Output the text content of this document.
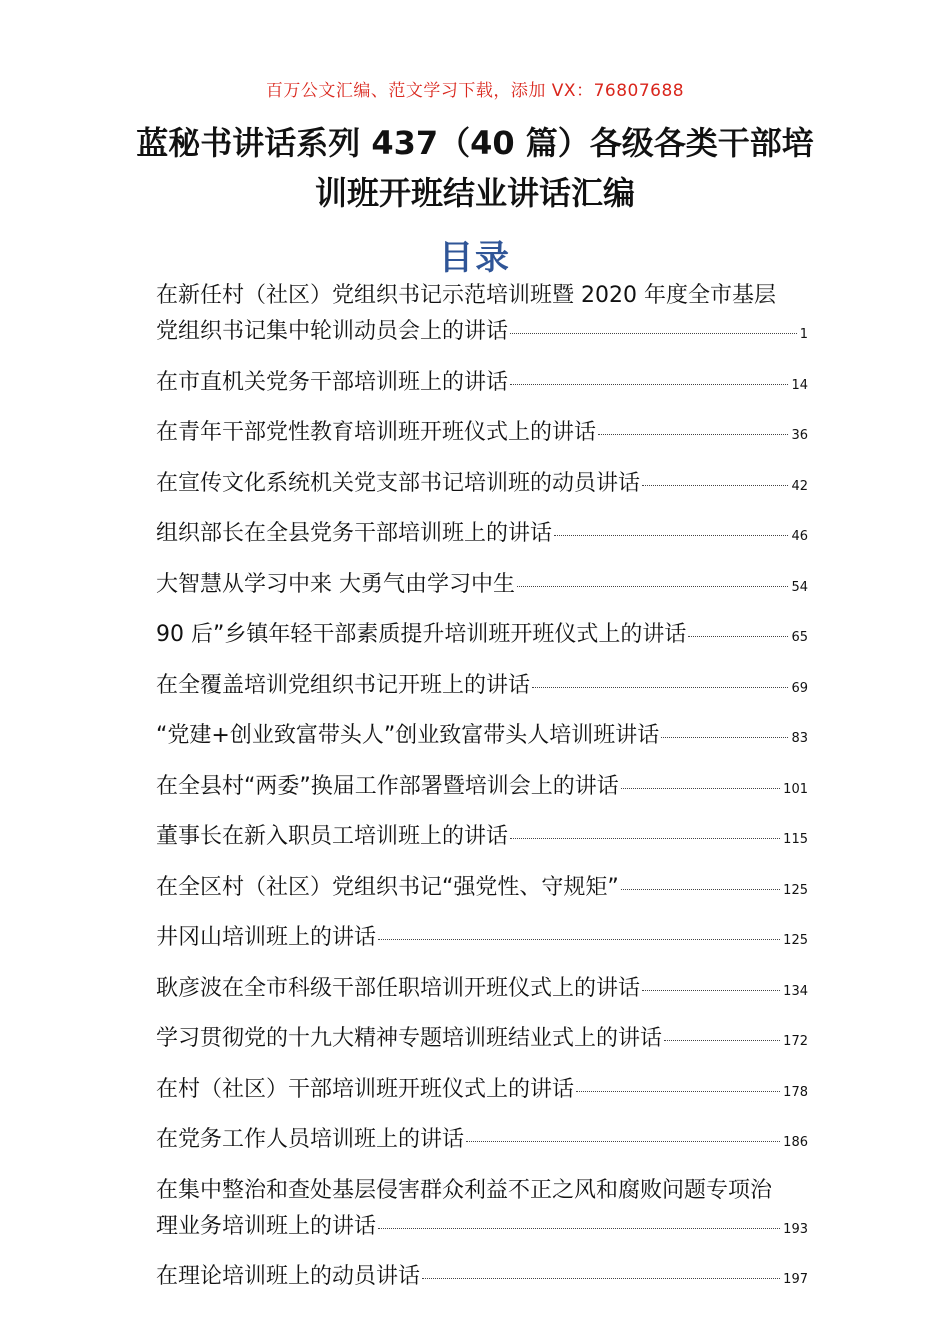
百万公文汇编、范文学习下载，添加 VX：76807688
蓝秘书讲话系列 437（40 篇）各级各类干部培
训班开班结业讲话汇编
目录
在新任村（社区）党组织书记示范培训班暨 2020 年度全市基层
党组织书记集中轮训动员会上的讲话	1
在市直机关党务干部培训班上的讲话	14
在青年干部党性教育培训班开班仪式上的讲话	36
在宣传文化系统机关党支部书记培训班的动员讲话	42
组织部长在全县党务干部培训班上的讲话	46
大智慧从学习中来 大勇气由学习中生	54
90 后”乡镇年轻干部素质提升培训班开班仪式上的讲话	65
在全覆盖培训党组织书记开班上的讲话	69
“党建+创业致富带头人”创业致富带头人培训班讲话	83
在全县村“两委”换届工作部署暨培训会上的讲话	101
董事长在新入职员工培训班上的讲话	115
在全区村（社区）党组织书记“强党性、守规矩”	125
井冈山培训班上的讲话	125
耿彦波在全市科级干部任职培训开班仪式上的讲话	134
学习贯彻党的十九大精神专题培训班结业式上的讲话	172
在村（社区）干部培训班开班仪式上的讲话	178
在党务工作人员培训班上的讲话	186
在集中整治和查处基层侵害群众利益不正之风和腐败问题专项治
理业务培训班上的讲话	193
在理论培训班上的动员讲话	197
